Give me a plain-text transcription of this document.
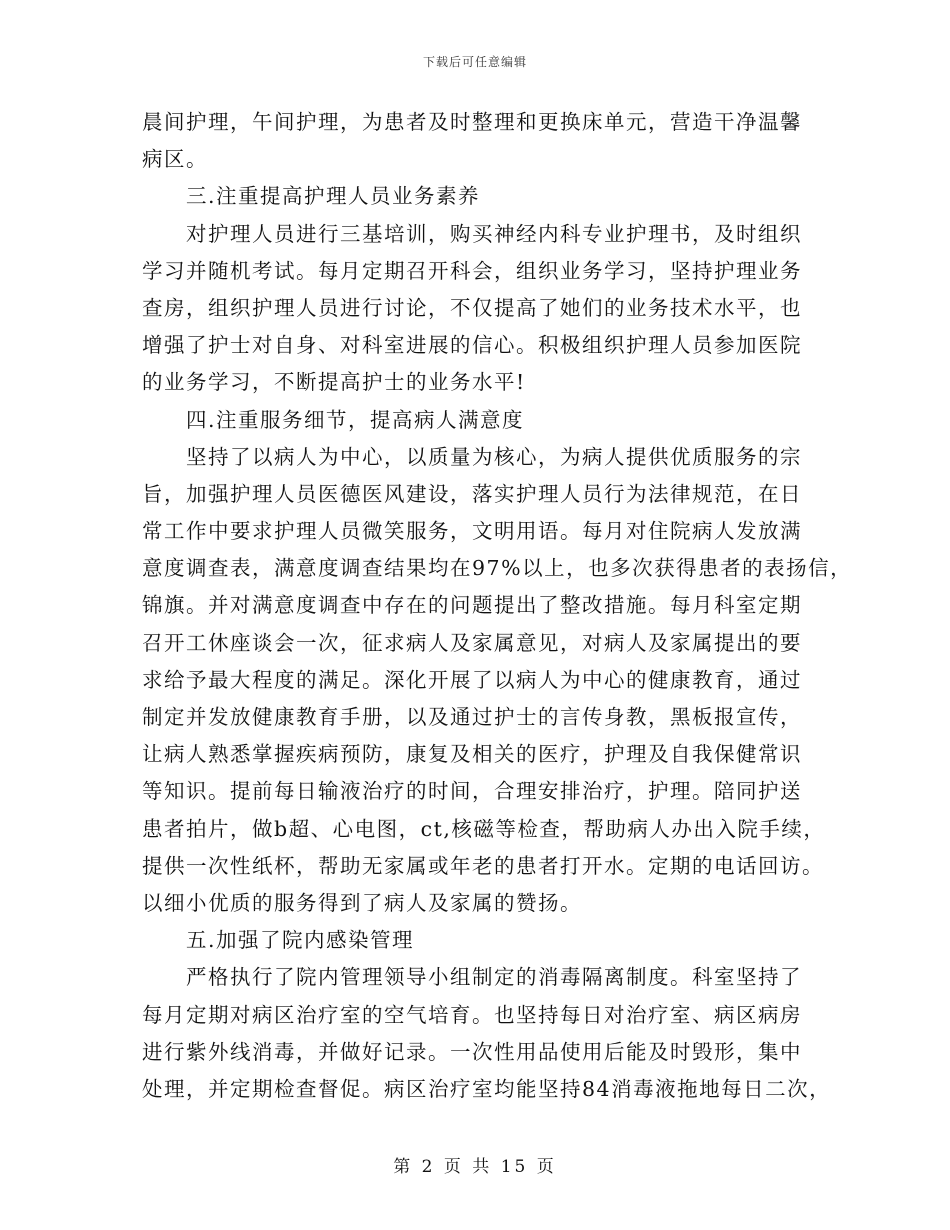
下载后可任意编辑
晨间护理，午间护理，为患者及时整理和更换床单元，营造干净温馨
病区。
三.注重提高护理人员业务素养
对护理人员进行三基培训，购买神经内科专业护理书，及时组织
学习并随机考试。每月定期召开科会，组织业务学习，坚持护理业务
查房，组织护理人员进行讨论，不仅提高了她们的业务技术水平，也
增强了护士对自身、对科室进展的信心。积极组织护理人员参加医院
的业务学习，不断提高护士的业务水平!
四.注重服务细节，提高病人满意度
坚持了以病人为中心，以质量为核心，为病人提供优质服务的宗
旨，加强护理人员医德医风建设，落实护理人员行为法律规范，在日
常工作中要求护理人员微笑服务，文明用语。每月对住院病人发放满
意度调查表，满意度调查结果均在97%以上，也多次获得患者的表扬信，
锦旗。并对满意度调查中存在的问题提出了整改措施。每月科室定期
召开工休座谈会一次，征求病人及家属意见，对病人及家属提出的要
求给予最大程度的满足。深化开展了以病人为中心的健康教育，通过
制定并发放健康教育手册，以及通过护士的言传身教，黑板报宣传，
让病人熟悉掌握疾病预防，康复及相关的医疗，护理及自我保健常识
等知识。提前每日输液治疗的时间，合理安排治疗，护理。陪同护送
患者拍片，做b超、心电图，ct,核磁等检查，帮助病人办出入院手续，
提供一次性纸杯，帮助无家属或年老的患者打开水。定期的电话回访。
以细小优质的服务得到了病人及家属的赞扬。
五.加强了院内感染管理
严格执行了院内管理领导小组制定的消毒隔离制度。科室坚持了
每月定期对病区治疗室的空气培育。也坚持每日对治疗室、病区病房
进行紫外线消毒，并做好记录。一次性用品使用后能及时毁形，集中
处理，并定期检查督促。病区治疗室均能坚持84消毒液拖地每日二次，
第 2 页 共 15 页
